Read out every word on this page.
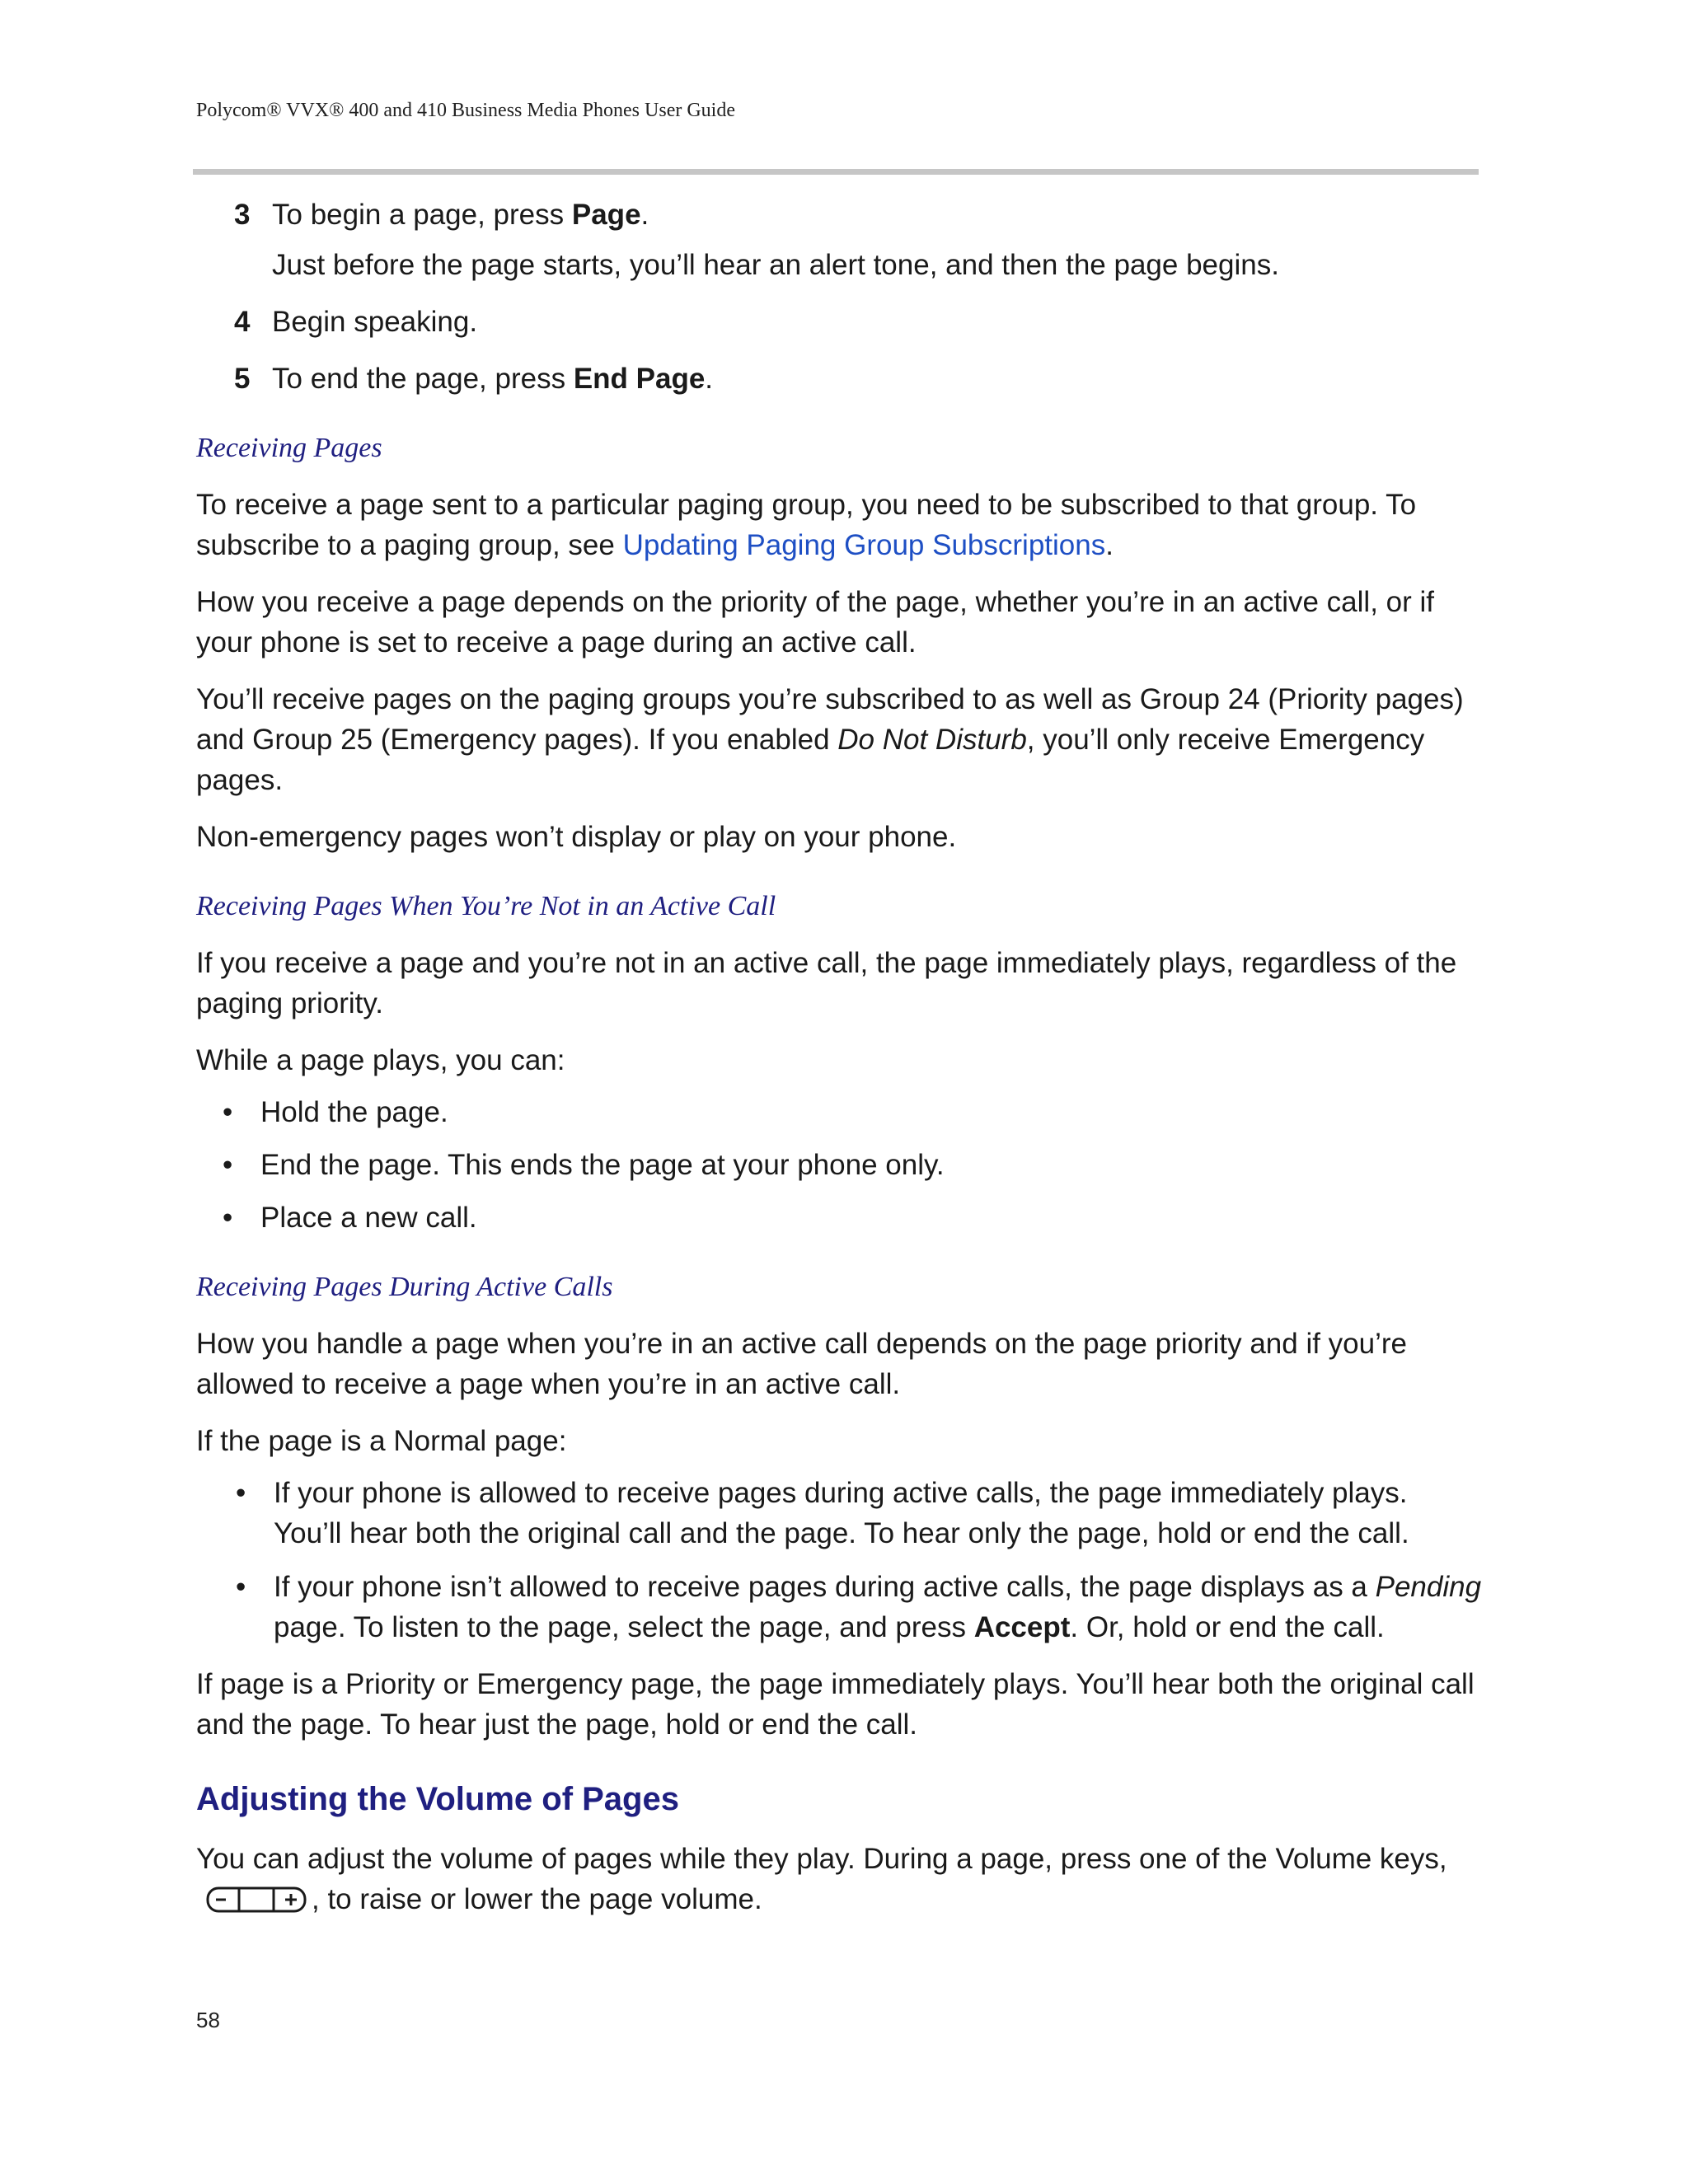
Polycom® VVX® 400 and 410 Business Media Phones User Guide

3 To begin a page, press Page.

Just before the page starts, you’ll hear an alert tone, and then the page begins.

4 Begin speaking.

5 To end the page, press End Page.

Receiving Pages

To receive a page sent to a particular paging group, you need to be subscribed to that group. To subscribe to a paging group, see Updating Paging Group Subscriptions.

How you receive a page depends on the priority of the page, whether you’re in an active call, or if your phone is set to receive a page during an active call.

You’ll receive pages on the paging groups you’re subscribed to as well as Group 24 (Priority pages) and Group 25 (Emergency pages). If you enabled Do Not Disturb, you’ll only receive Emergency pages.

Non-emergency pages won’t display or play on your phone.

Receiving Pages When You’re Not in an Active Call

If you receive a page and you’re not in an active call, the page immediately plays, regardless of the paging priority.

While a page plays, you can:

• Hold the page.
• End the page. This ends the page at your phone only.
• Place a new call.
Receiving Pages During Active Calls

How you handle a page when you’re in an active call depends on the page priority and if you’re allowed to receive a page when you’re in an active call.

If the page is a Normal page:

• If your phone is allowed to receive pages during active calls, the page immediately plays. You’ll hear both the original call and the page. To hear only the page, hold or end the call.
• If your phone isn’t allowed to receive pages during active calls, the page displays as a Pending page. To listen to the page, select the page, and press Accept. Or, hold or end the call.

If page is a Priority or Emergency page, the page immediately plays. You’ll hear both the original call and the page. To hear just the page, hold or end the call.

Adjusting the Volume of Pages

You can adjust the volume of pages while they play. During a page, press one of the Volume keys,, to raise or lower the page volume.

58
